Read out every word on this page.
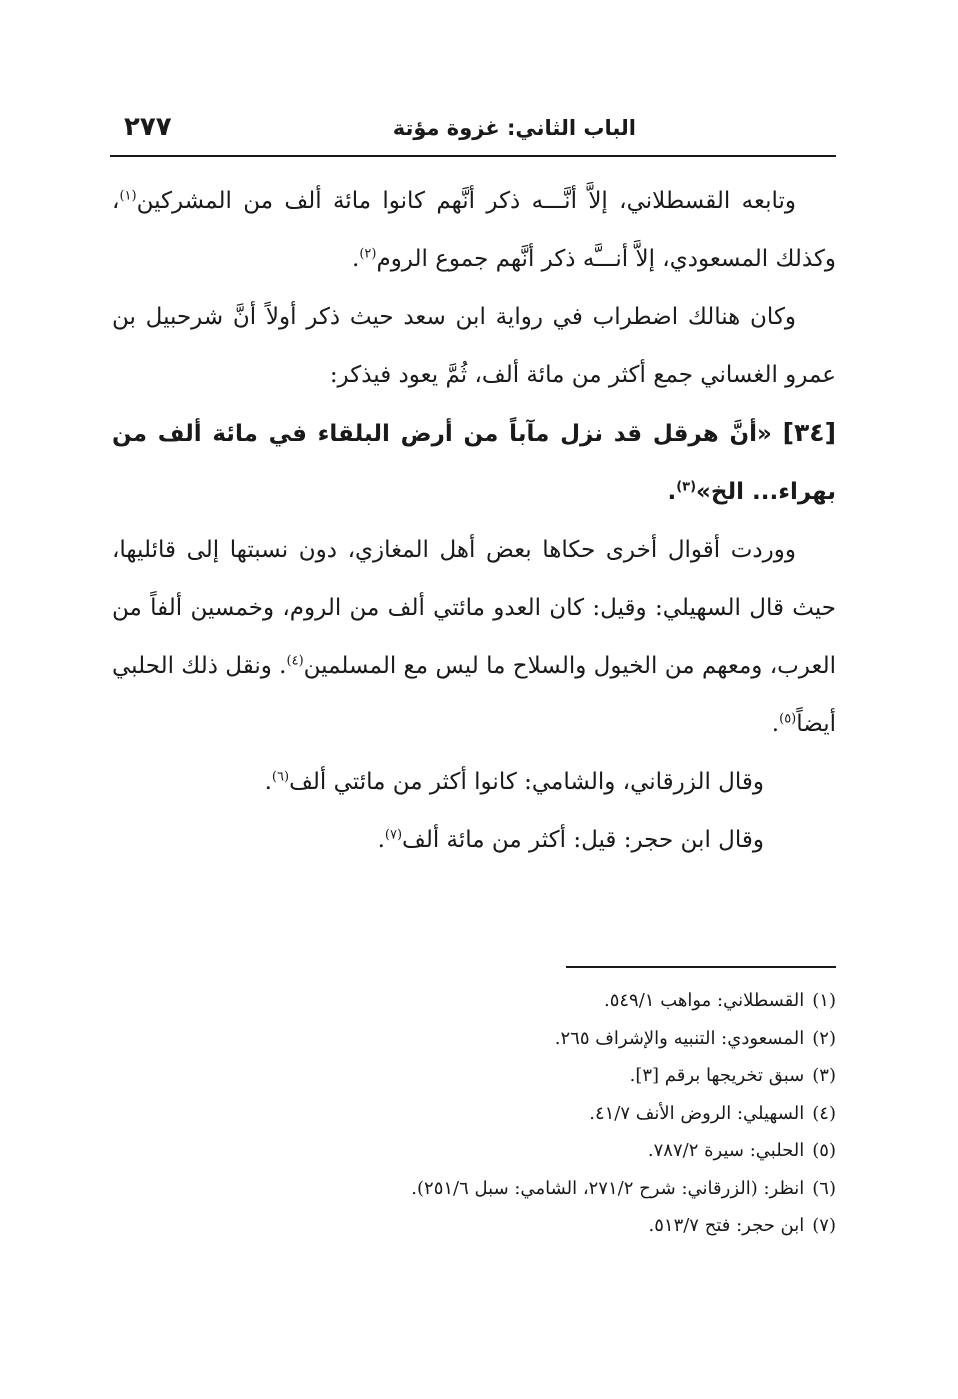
الباب الثاني: غزوة مؤتة
٢٧٧

وتابعه القسطلاني، إلاَّ أنَّـــه ذكر أنَّهم كانوا مائة ألف من المشركين$^{(١)}$، وكذلك المسعودي، إلاَّ أنـــَّه ذكر أنَّهم جموع الروم$^{(٢)}$.

وكان هنالك اضطراب في رواية ابن سعد حيث ذكر أولاً أنَّ شرحبيل بن عمرو الغساني جمع أكثر من مائة ألف، ثُمَّ يعود فيذكر:

[٣٤] «أنَّ هرقل قد نزل مآباً من أرض البلقاء في مائة ألف من بهراء... الخ»$^{(٣)}$.

ووردت أقوال أخرى حكاها بعض أهل المغازي، دون نسبتها إلى قائليها، حيث قال السهيلي: وقيل: كان العدو مائتي ألف من الروم، وخمسين ألفاً من العرب، ومعهم من الخيول والسلاح ما ليس مع المسلمين$^{(٤)}$. ونقل ذلك الحلبي أيضاً$^{(٥)}$.

وقال الزرقاني، والشامي: كانوا أكثر من مائتي ألف$^{(٦)}$.

وقال ابن حجر: قيل: أكثر من مائة ألف$^{(٧)}$.

(١)القسطلاني: مواهب ٥٤٩/١.

(٢)المسعودي: التنبيه والإشراف ٢٦٥.

(٣)سبق تخريجها برقم [٣].

(٤)السهيلي: الروض الأنف ٤١/٧.

(٥)الحلبي: سيرة ٧٨٧/٢.

(٦)انظر: (الزرقاني: شرح ٢٧١/٢، الشامي: سبل ٢٥١/٦).

(٧)ابن حجر: فتح ٥١٣/٧.
